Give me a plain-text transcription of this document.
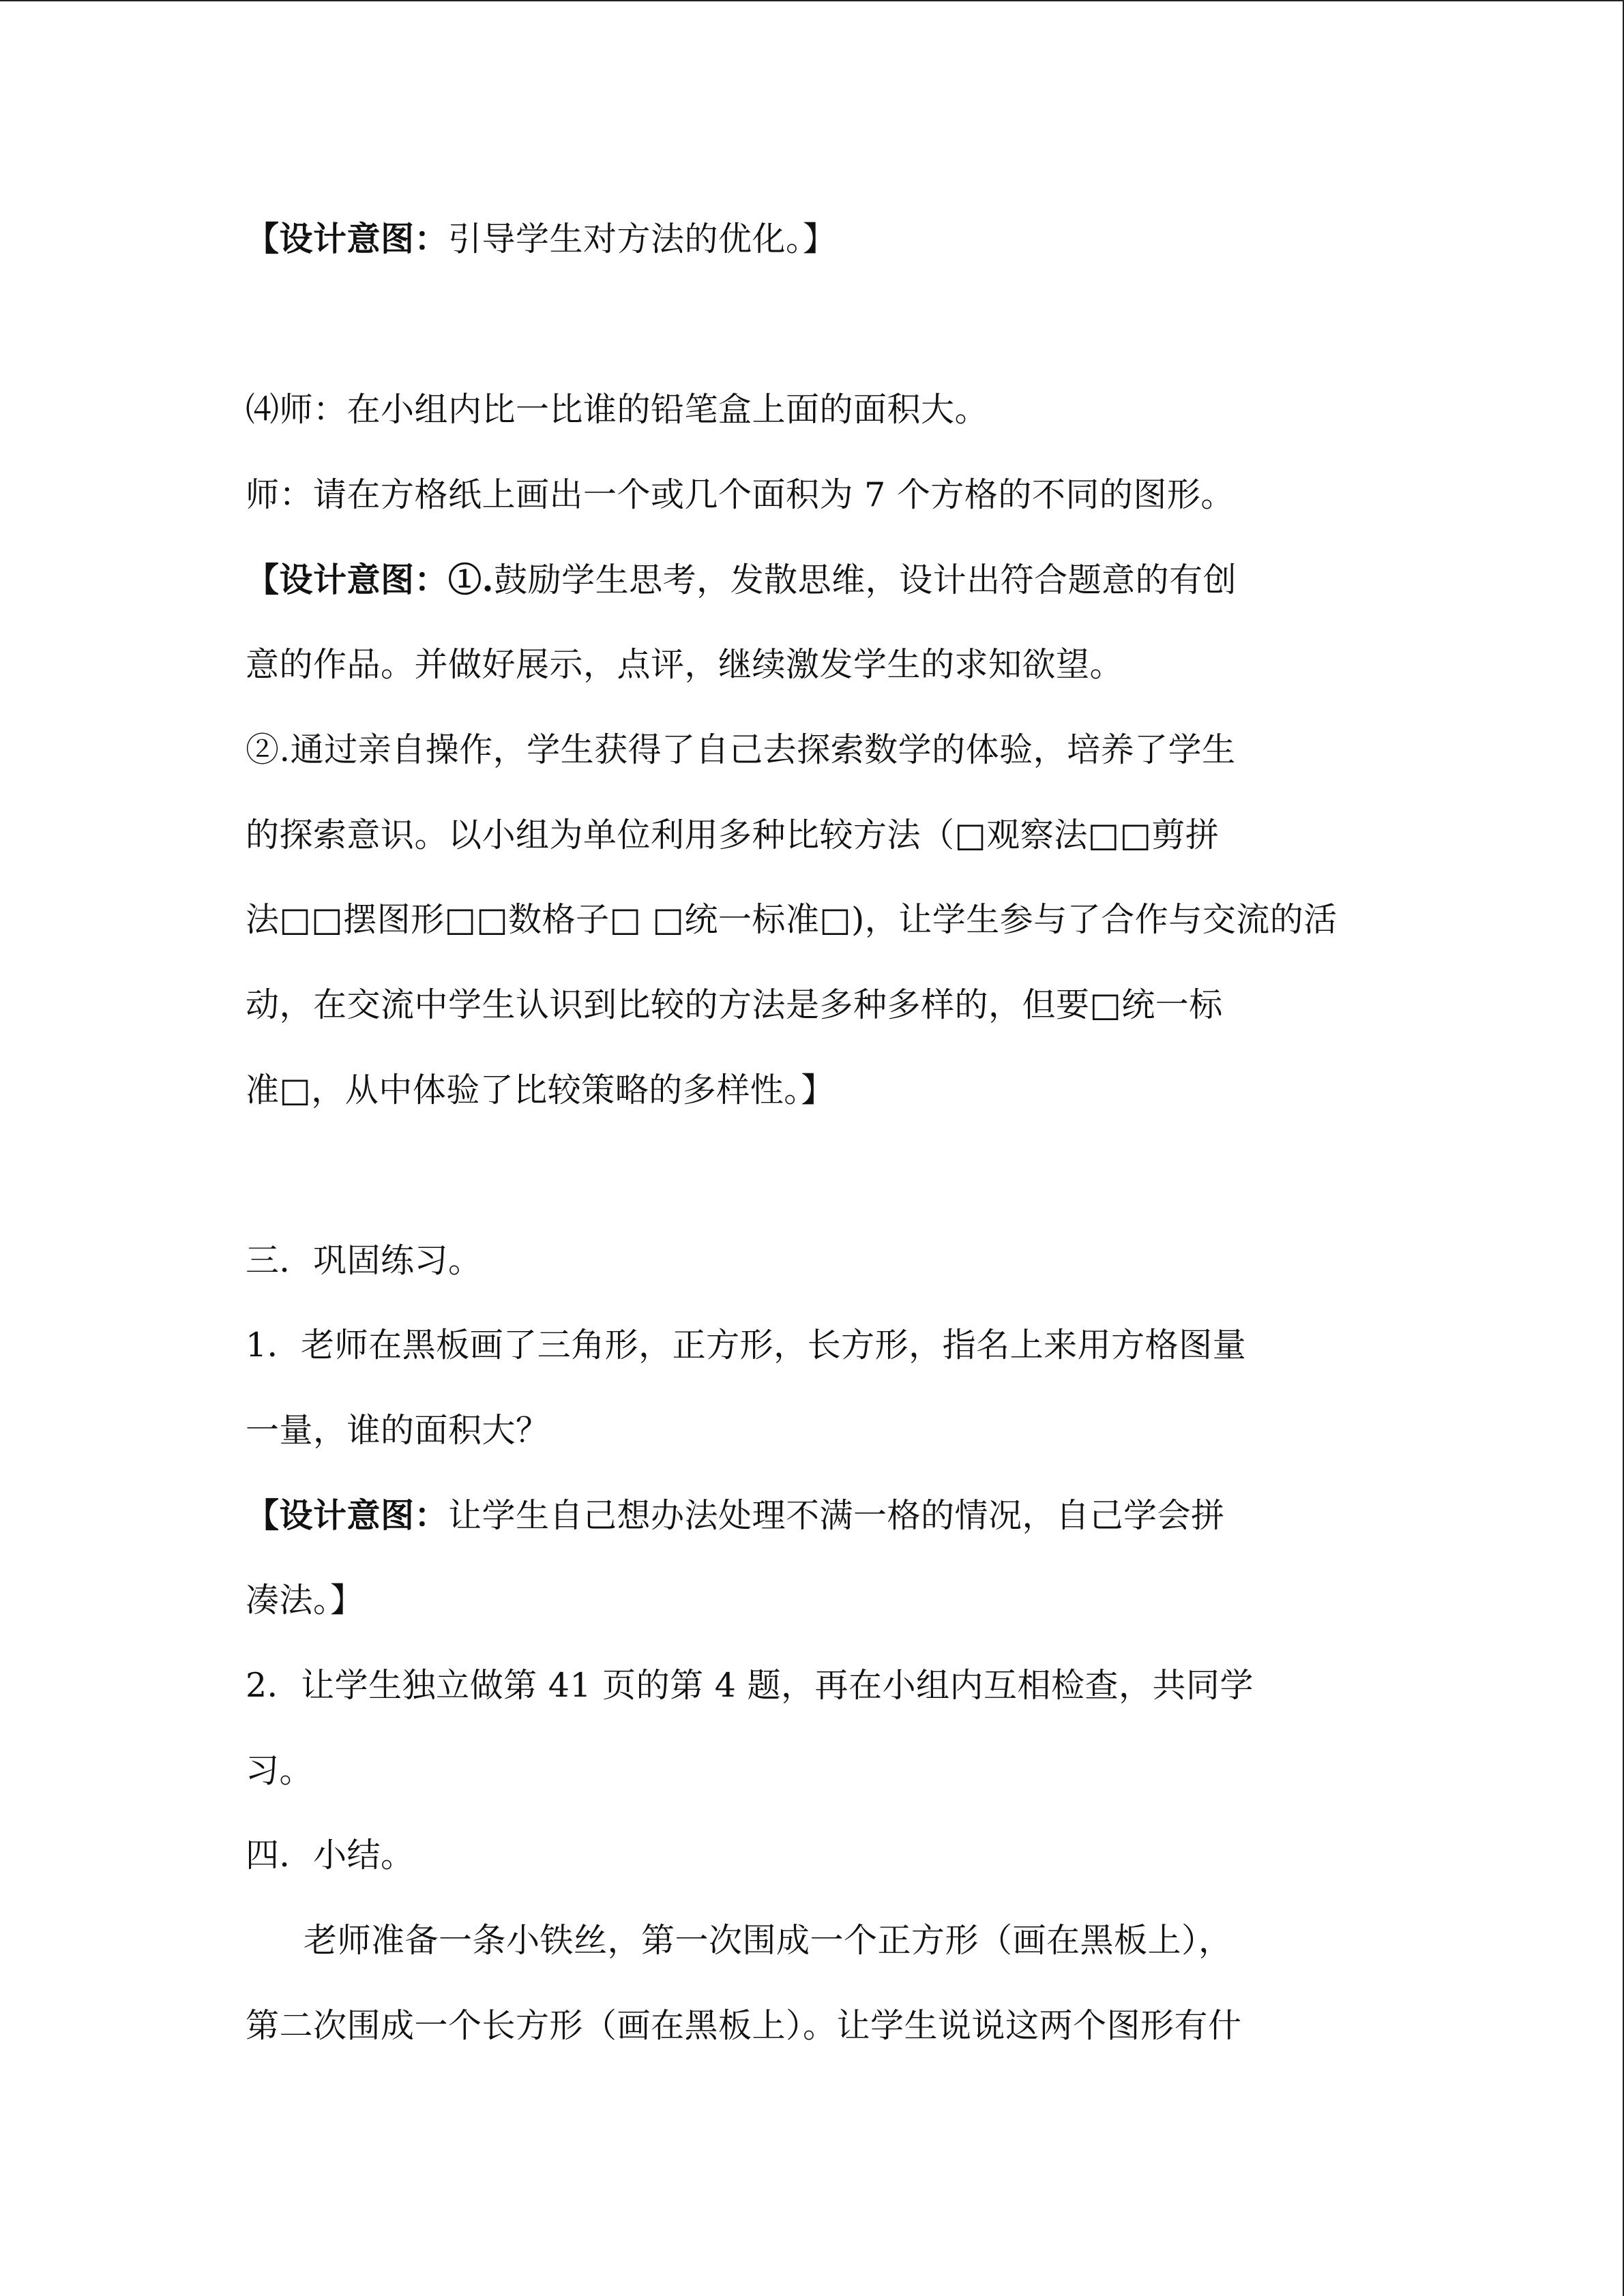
【设计意图：引导学生对方法的优化。】
⑷师：在小组内比一比谁的铅笔盒上面的面积大。
师：请在方格纸上画出一个或几个面积为 7 个方格的不同的图形。
【设计意图：①.鼓励学生思考，发散思维，设计出符合题意的有创
意的作品。并做好展示，点评，继续激发学生的求知欲望。
②.通过亲自操作，学生获得了自己去探索数学的体验，培养了学生
的探索意识。以小组为单位利用多种比较方法（□观察法□□剪拼
法□□摆图形□□数格子□ □统一标准□)，让学生参与了合作与交流的活
动，在交流中学生认识到比较的方法是多种多样的，但要□统一标
准□，从中体验了比较策略的多样性。】
三．巩固练习。
1．老师在黑板画了三角形，正方形，长方形，指名上来用方格图量
一量，谁的面积大？
【设计意图：让学生自己想办法处理不满一格的情况，自己学会拼
凑法。】
2．让学生独立做第 41 页的第 4 题，再在小组内互相检查，共同学
习。
四．小结。
老师准备一条小铁丝，第一次围成一个正方形（画在黑板上），
第二次围成一个长方形（画在黑板上）。让学生说说这两个图形有什
